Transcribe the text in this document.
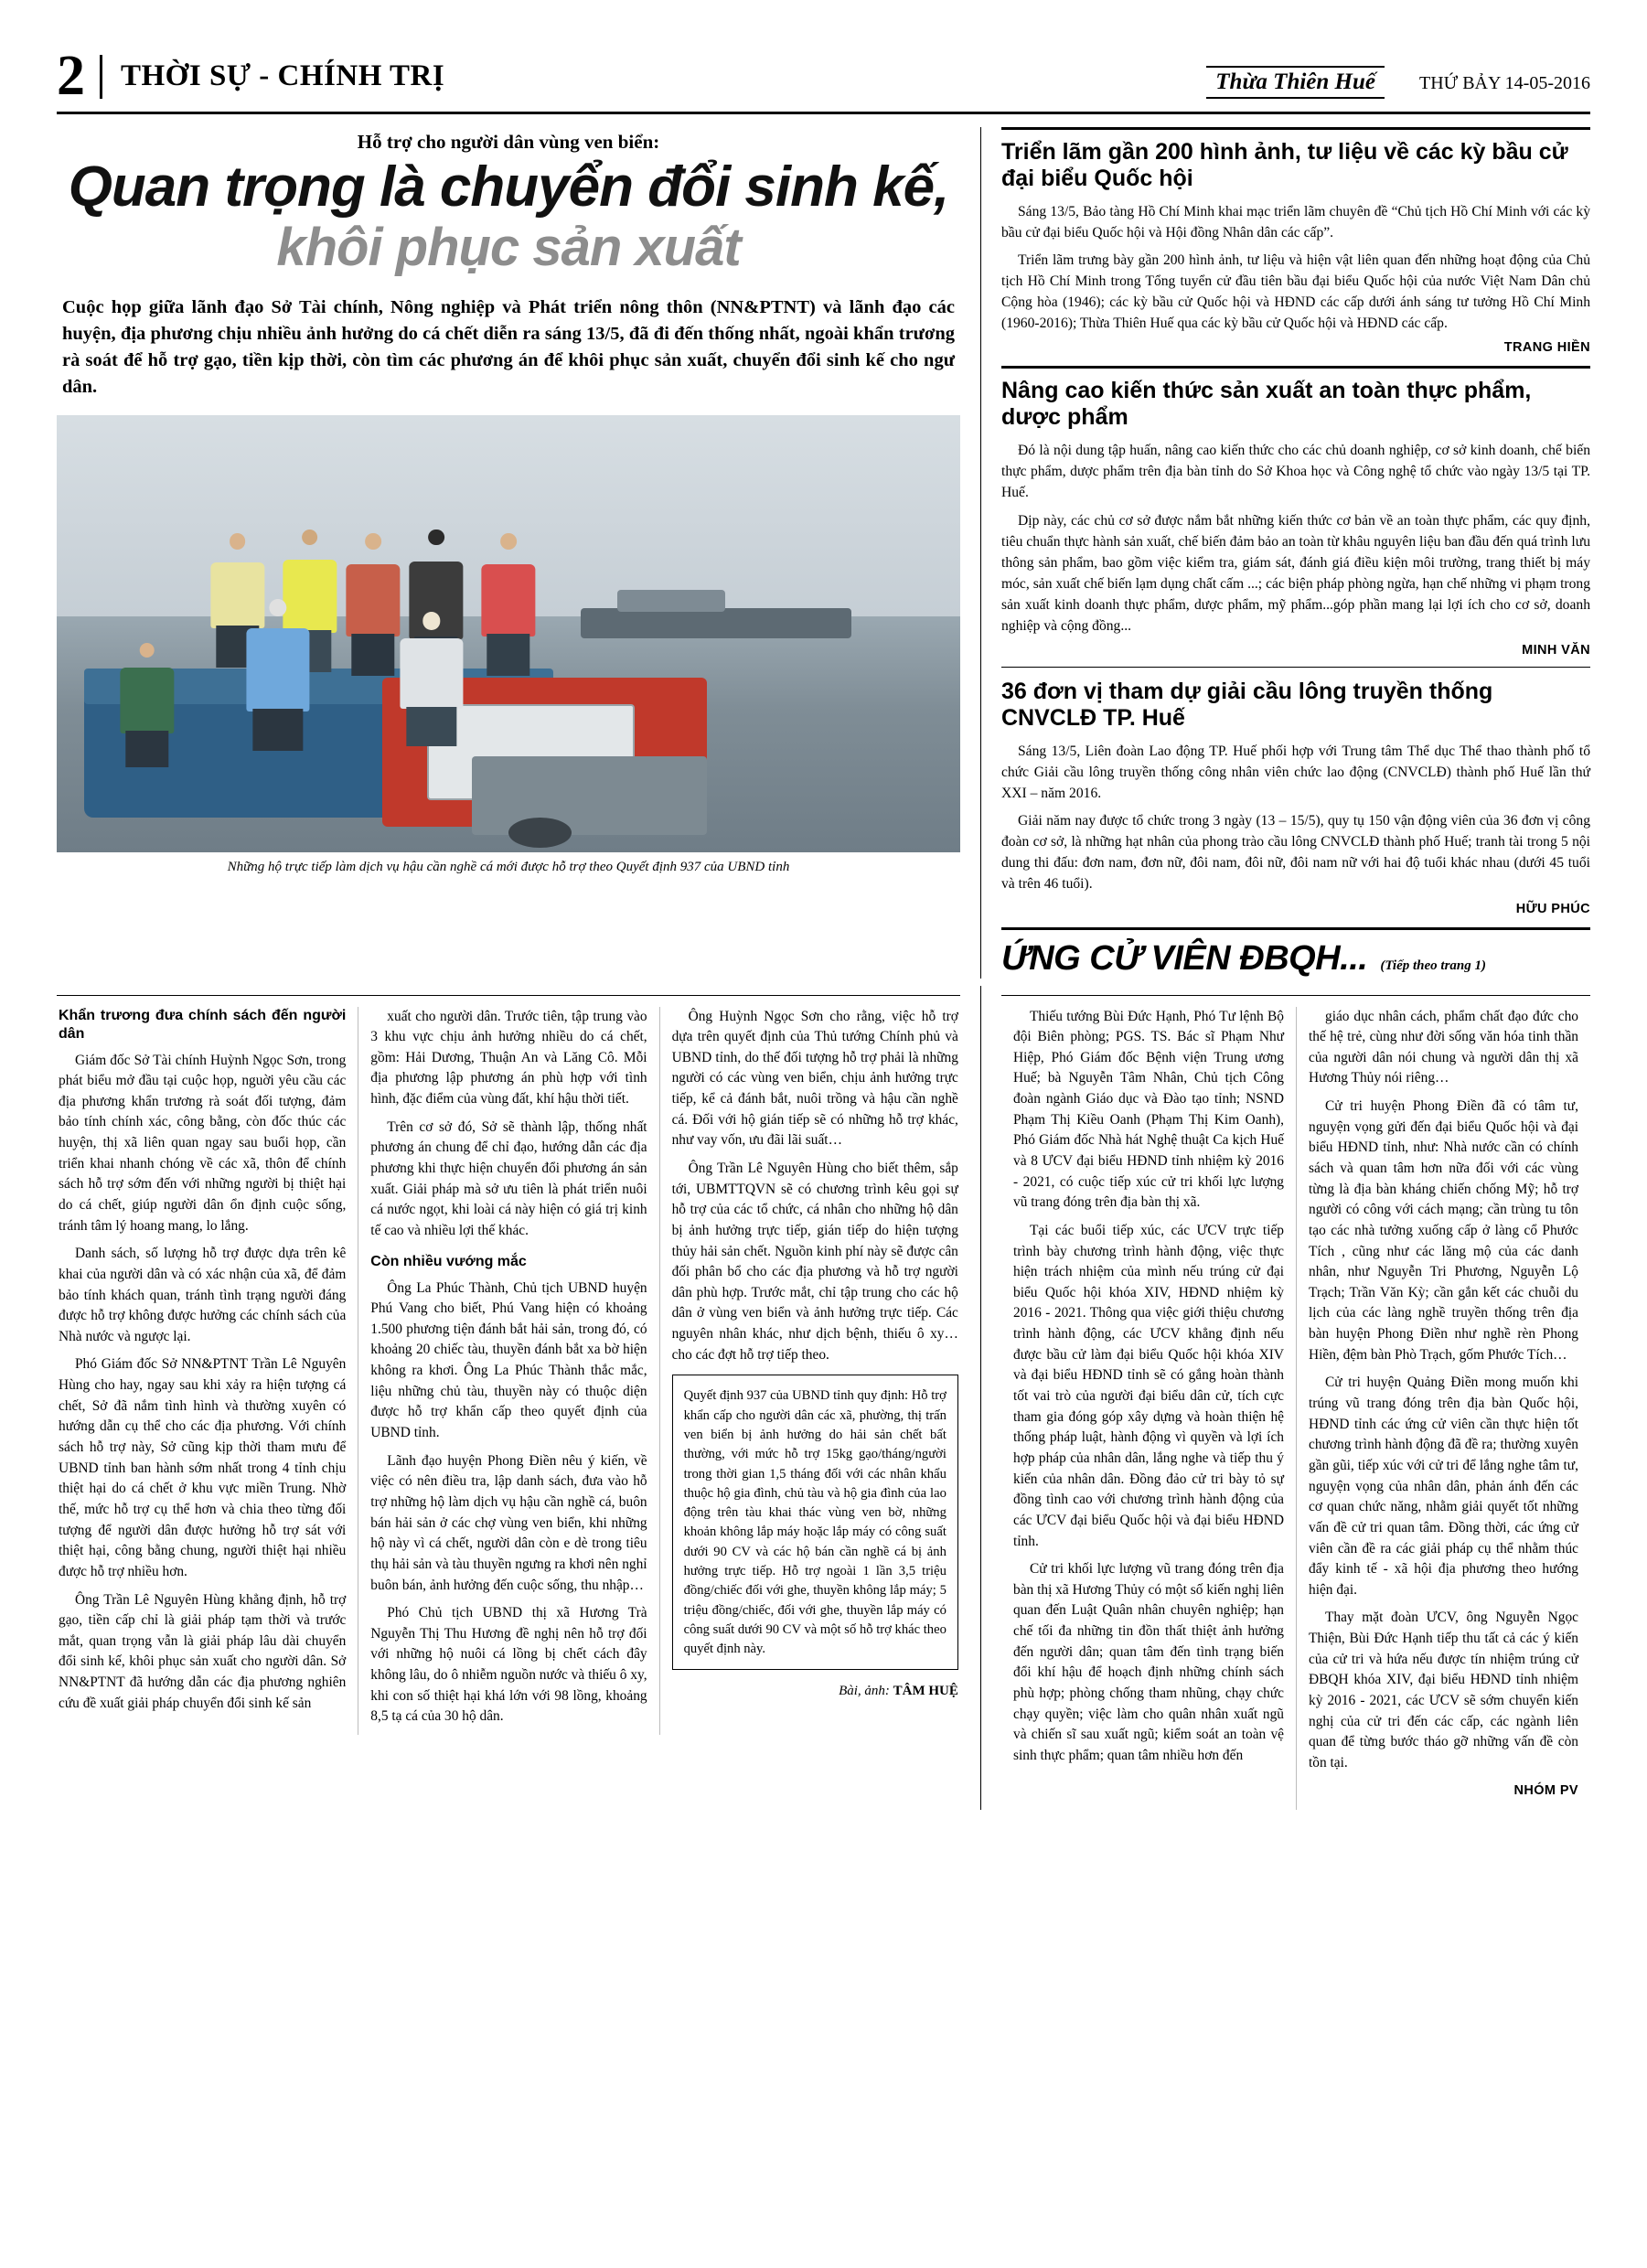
2 THỜI SỰ - CHÍNH TRỊ	Thừa Thiên Huế	THỨ BẢY 14-05-2016
Hỗ trợ cho người dân vùng ven biển:
Quan trọng là chuyển đổi sinh kế,
khôi phục sản xuất
Cuộc họp giữa lãnh đạo Sở Tài chính, Nông nghiệp và Phát triển nông thôn (NN&PTNT) và lãnh đạo các huyện, địa phương chịu nhiều ảnh hưởng do cá chết diễn ra sáng 13/5, đã đi đến thống nhất, ngoài khẩn trương rà soát để hỗ trợ gạo, tiền kịp thời, còn tìm các phương án để khôi phục sản xuất, chuyển đổi sinh kế cho ngư dân.
Những hộ trực tiếp làm dịch vụ hậu cần nghề cá mới được hỗ trợ theo Quyết định 937 của UBND tỉnh
Triển lãm gần 200 hình ảnh, tư liệu về các kỳ bầu cử đại biểu Quốc hội

Sáng 13/5, Bảo tàng Hồ Chí Minh khai mạc triển lãm chuyên đề “Chủ tịch Hồ Chí Minh với các kỳ bầu cử đại biểu Quốc hội và Hội đồng Nhân dân các cấp”.

Triển lãm trưng bày gần 200 hình ảnh, tư liệu và hiện vật liên quan đến những hoạt động của Chủ tịch Hồ Chí Minh trong Tổng tuyển cử đầu tiên bầu đại biểu Quốc hội của nước Việt Nam Dân chủ Cộng hòa (1946); các kỳ bầu cử Quốc hội và HĐND các cấp dưới ánh sáng tư tưởng Hồ Chí Minh (1960-2016); Thừa Thiên Huế qua các kỳ bầu cử Quốc hội và HĐND các cấp.

TRANG HIỀN
Nâng cao kiến thức sản xuất an toàn thực phẩm, dược phẩm

Đó là nội dung tập huấn, nâng cao kiến thức cho các chủ doanh nghiệp, cơ sở kinh doanh, chế biến thực phẩm, dược phẩm trên địa bàn tỉnh do Sở Khoa học và Công nghệ tổ chức vào ngày 13/5 tại TP. Huế.

Dịp này, các chủ cơ sở được nắm bắt những kiến thức cơ bản về an toàn thực phẩm, các quy định, tiêu chuẩn thực hành sản xuất, chế biến đảm bảo an toàn từ khâu nguyên liệu ban đầu đến quá trình lưu thông sản phẩm, bao gồm việc kiểm tra, giám sát, đánh giá điều kiện môi trường, trang thiết bị máy móc, sản xuất chế biến lạm dụng chất cấm ...; các biện pháp phòng ngừa, hạn chế những vi phạm trong sản xuất kinh doanh thực phẩm, dược phẩm, mỹ phẩm...góp phần mang lại lợi ích cho cơ sở, doanh nghiệp và cộng đồng...

MINH VĂN
36 đơn vị tham dự giải cầu lông truyền thống CNVCLĐ TP. Huế

Sáng 13/5, Liên đoàn Lao động TP. Huế phối hợp với Trung tâm Thể dục Thể thao thành phố tổ chức Giải cầu lông truyền thống công nhân viên chức lao động (CNVCLĐ) thành phố Huế lần thứ XXI – năm 2016.

Giải năm nay được tổ chức trong 3 ngày (13 – 15/5), quy tụ 150 vận động viên của 36 đơn vị công đoàn cơ sở, là những hạt nhân của phong trào cầu lông CNVCLĐ thành phố Huế; tranh tài trong 5 nội dung thi đấu: đơn nam, đơn nữ, đôi nam, đôi nữ, đôi nam nữ với hai độ tuổi khác nhau (dưới 45 tuổi và trên 46 tuổi).

HỮU PHÚC
ỨNG CỬ VIÊN ĐBQH... (Tiếp theo trang 1)
Khẩn trương đưa chính sách đến người dân

Giám đốc Sở Tài chính Huỳnh Ngọc Sơn, trong phát biểu mở đầu tại cuộc họp, nguời yêu cầu các địa phương khẩn trương rà soát đối tượng, đảm bảo tính chính xác, công bằng, còn đốc thúc các huyện, thị xã liên quan ngay sau buổi họp, cần triển khai nhanh chóng về các xã, thôn để chính sách hỗ trợ sớm đến với những người bị thiệt hại do cá chết, giúp người dân ổn định cuộc sống, tránh tâm lý hoang mang, lo lắng.

Danh sách, số lượng hỗ trợ được dựa trên kê khai của người dân và có xác nhận của xã, để đảm bảo tính khách quan, tránh tình trạng người đáng được hỗ trợ không được hưởng các chính sách của Nhà nước và ngược lại.

Phó Giám đốc Sở NN&PTNT Trần Lê Nguyên Hùng cho hay, ngay sau khi xảy ra hiện tượng cá chết, Sở đã nắm tình hình và thường xuyên có hướng dẫn cụ thể cho các địa phương. Với chính sách hỗ trợ này, Sở cũng kịp thời tham mưu để UBND tỉnh ban hành sớm nhất trong 4 tỉnh chịu thiệt hại do cá chết ở khu vực miền Trung. Nhờ thế, mức hỗ trợ cụ thể hơn và chia theo từng đối tượng để người dân được hưởng hỗ trợ sát với thiệt hại, công bằng chung, người thiệt hại nhiều được hỗ trợ nhiều hơn.

Ông Trần Lê Nguyên Hùng khẳng định, hỗ trợ gạo, tiền cấp chỉ là giải pháp tạm thời và trước mắt, quan trọng vẫn là giải pháp lâu dài chuyển đổi sinh kế, khôi phục sản xuất cho người dân. Sở NN&PTNT đã hướng dẫn các địa phương nghiên cứu đề xuất giải pháp chuyển đổi sinh kế sản

xuất cho người dân. Trước tiên, tập trung vào 3 khu vực chịu ảnh hưởng nhiều do cá chết, gồm: Hải Dương, Thuận An và Lăng Cô. Mỗi địa phương lập phương án phù hợp với tình hình, đặc điểm của vùng đất, khí hậu thời tiết.

Trên cơ sở đó, Sở sẽ thành lập, thống nhất phương án chung để chỉ đạo, hướng dẫn các địa phương khi thực hiện chuyển đổi phương án sản xuất. Giải pháp mà sở ưu tiên là phát triển nuôi cá nước ngọt, khi loài cá này hiện có giá trị kinh tế cao và nhiều lợi thế khác.

Còn nhiều vướng mắc

Ông La Phúc Thành, Chủ tịch UBND huyện Phú Vang cho biết, Phú Vang hiện có khoảng 1.500 phương tiện đánh bắt hải sản, trong đó, có khoảng 20 chiếc tàu, thuyền đánh bắt xa bờ hiện không ra khơi. Ông La Phúc Thành thắc mắc, liệu những chủ tàu, thuyền này có thuộc diện được hỗ trợ khẩn cấp theo quyết định của UBND tỉnh.

Lãnh đạo huyện Phong Điền nêu ý kiến, về việc có nên điều tra, lập danh sách, đưa vào hỗ trợ những hộ làm dịch vụ hậu cần nghề cá, buôn bán hải sản ở các chợ vùng ven biển, khi những hộ này vì cá chết, người dân còn e dè trong tiêu thụ hải sản và tàu thuyền ngưng ra khơi nên nghỉ buôn bán, ảnh hưởng đến cuộc sống, thu nhập…

Phó Chủ tịch UBND thị xã Hương Trà Nguyễn Thị Thu Hương đề nghị nên hỗ trợ đối với những hộ nuôi cá lồng bị chết cách đây không lâu, do ô nhiễm nguồn nước và thiếu ô xy, khi con số thiệt hại khá lớn với 98 lồng, khoảng 8,5 tạ cá của 30 hộ dân.

Ông Huỳnh Ngọc Sơn cho rằng, việc hỗ trợ dựa trên quyết định của Thủ tướng Chính phủ và UBND tỉnh, do thế đối tượng hỗ trợ phải là những người có các vùng ven biển, chịu ảnh hưởng trực tiếp, kể cả đánh bắt, nuôi trồng và hậu cần nghề cá. Đối với hộ gián tiếp sẽ có những hỗ trợ khác, như vay vốn, ưu đãi lãi suất…

Ông Trần Lê Nguyên Hùng cho biết thêm, sắp tới, UBMTTQVN sẽ có chương trình kêu gọi sự hỗ trợ của các tổ chức, cá nhân cho những hộ dân bị ảnh hưởng trực tiếp, gián tiếp do hiện tượng thủy hải sản chết. Nguồn kinh phí này sẽ được cân đối phân bổ cho các địa phương và hỗ trợ người dân phù hợp. Trước mắt, chỉ tập trung cho các hộ dân ở vùng ven biển và ảnh hưởng trực tiếp. Các nguyên nhân khác, như dịch bệnh, thiếu ô xy… cho các đợt hỗ trợ tiếp theo.

Quyết định 937 của UBND tỉnh quy định: Hỗ trợ khẩn cấp cho người dân các xã, phường, thị trấn ven biển bị ảnh hưởng do hải sản chết bất thường, với mức hỗ trợ 15kg gạo/tháng/người trong thời gian 1,5 tháng đối với các nhân khẩu thuộc hộ gia đình, chủ tàu và hộ gia đình của lao động trên tàu khai thác vùng ven bờ, những khoản không lắp máy hoặc lắp máy có công suất dưới 90 CV và các hộ bán cần nghề cá bị ảnh hưởng trực tiếp. Hỗ trợ ngoài 1 lần 3,5 triệu đồng/chiếc đối với ghe, thuyền không lắp máy; 5 triệu đồng/chiếc, đối với ghe, thuyền lắp máy có công suất dưới 90 CV và một số hỗ trợ khác theo quyết định này.

Bài, ảnh: TÂM HUỆ

Thiếu tướng Bùi Đức Hạnh, Phó Tư lệnh Bộ đội Biên phòng; PGS. TS. Bác sĩ Phạm Như Hiệp, Phó Giám đốc Bệnh viện Trung ương Huế; bà Nguyễn Tâm Nhân, Chủ tịch Công đoàn ngành Giáo dục và Đào tạo tỉnh; NSND Phạm Thị Kiều Oanh (Phạm Thị Kim Oanh), Phó Giám đốc Nhà hát Nghệ thuật Ca kịch Huế và 8 ƯCV đại biểu HĐND tỉnh nhiệm kỳ 2016 - 2021, có cuộc tiếp xúc cử tri khối lực lượng vũ trang đóng trên địa bàn thị xã.

Tại các buổi tiếp xúc, các ƯCV trực tiếp trình bày chương trình hành động, việc thực hiện trách nhiệm của mình nếu trúng cử đại biểu Quốc hội khóa XIV, HĐND nhiệm kỳ 2016 - 2021. Thông qua việc giới thiệu chương trình hành động, các ƯCV khẳng định nếu được bầu cử làm đại biểu Quốc hội khóa XIV và đại biểu HĐND tỉnh sẽ có gắng hoàn thành tốt vai trò của người đại biểu dân cử, tích cực tham gia đóng góp xây dựng và hoàn thiện hệ thống pháp luật, hành động vì quyền và lợi ích hợp pháp của nhân dân, lắng nghe và tiếp thu ý kiến của nhân dân. Đồng đảo cử tri bày tỏ sự đồng tình cao với chương trình hành động của các ƯCV đại biểu Quốc hội và đại biểu HĐND tỉnh.

Cử tri khối lực lượng vũ trang đóng trên địa bàn thị xã Hương Thủy có một số kiến nghị liên quan đến Luật Quân nhân chuyên nghiệp; hạn chế tối đa những tin đồn thất thiệt ảnh hưởng đến người dân; quan tâm đến tình trạng biến đổi khí hậu để hoạch định những chính sách phù hợp; phòng chống tham nhũng, chạy chức chạy quyền; việc làm cho quân nhân xuất ngũ và chiến sĩ sau xuất ngũ; kiểm soát an toàn vệ sinh thực phẩm; quan tâm nhiều hơn đến

giáo dục nhân cách, phẩm chất đạo đức cho thế hệ trẻ, cùng như đời sống văn hóa tinh thần của người dân nói chung và người dân thị xã Hương Thủy nói riêng…

Cử tri huyện Phong Điền đã có tâm tư, nguyện vọng gửi đến đại biểu Quốc hội và đại biểu HĐND tỉnh, như: Nhà nước cần có chính sách và quan tâm hơn nữa đối với các vùng từng là địa bàn kháng chiến chống Mỹ; hỗ trợ người có công với cách mạng; cần trùng tu tôn tạo các nhà tưởng xuống cấp ở làng cổ Phước Tích , cũng như các lăng mộ của các danh nhân, như Nguyễn Tri Phương, Nguyễn Lộ Trạch; Trần Văn Kỳ; cần gắn kết các chuỗi du lịch của các làng nghề truyền thống trên địa bàn huyện Phong Điền như nghề rèn Phong Hiền, đệm bàn Phò Trạch, gốm Phước Tích…

Cử tri huyện Quảng Điền mong muốn khi trúng vũ trang đóng trên địa bàn Quốc hội, HĐND tỉnh các ứng cử viên cần thực hiện tốt chương trình hành động đã đề ra; thường xuyên gần gũi, tiếp xúc với cử tri để lắng nghe tâm tư, nguyện vọng của nhân dân, phản ánh đến các cơ quan chức năng, nhằm giải quyết tốt những vấn đề cử tri quan tâm. Đồng thời, các ứng cử viên cần đề ra các giải pháp cụ thể nhằm thúc đẩy kinh tế - xã hội địa phương theo hướng hiện đại.

Thay mặt đoàn ƯCV, ông Nguyễn Ngọc Thiện, Bùi Đức Hạnh tiếp thu tất cả các ý kiến của cử tri và hứa nếu được tín nhiệm trúng cử ĐBQH khóa XIV, đại biểu HĐND tỉnh nhiệm kỳ 2016 - 2021, các ƯCV sẽ sớm chuyển kiến nghị của cử tri đến các cấp, các ngành liên quan để từng bước tháo gỡ những vấn đề còn tồn tại.

NHÓM PV
